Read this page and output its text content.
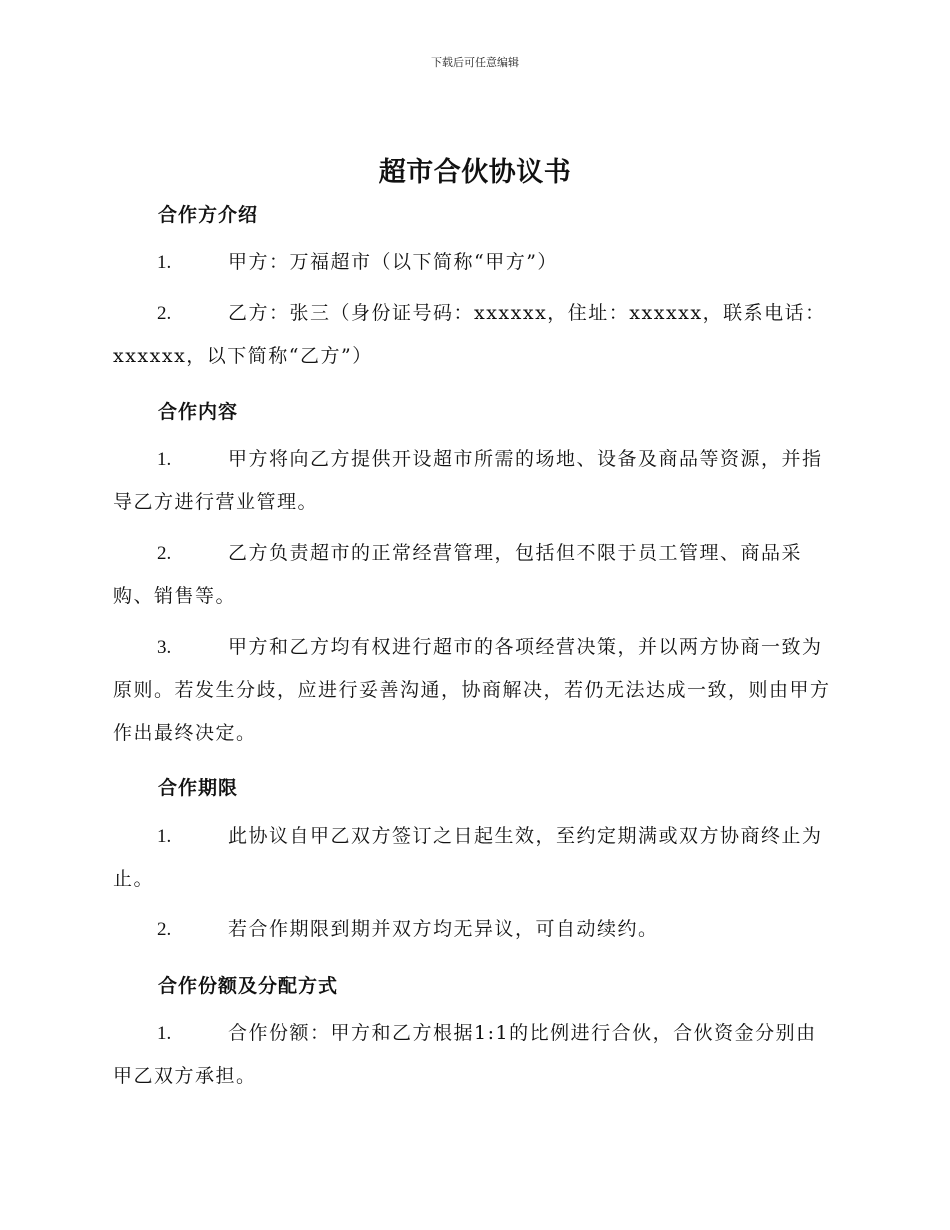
下载后可任意编辑
超市合伙协议书
合作方介绍
1.	甲方：万福超市（以下简称“甲方”）
2.	乙方：张三（身份证号码：xxxxxx，住址：xxxxxx，联系电话：xxxxxx，以下简称“乙方”）
合作内容
1.	甲方将向乙方提供开设超市所需的场地、设备及商品等资源，并指导乙方进行营业管理。
2.	乙方负责超市的正常经营管理，包括但不限于员工管理、商品采购、销售等。
3.	甲方和乙方均有权进行超市的各项经营决策，并以两方协商一致为原则。若发生分歧，应进行妥善沟通，协商解决，若仍无法达成一致，则由甲方作出最终决定。
合作期限
1.	此协议自甲乙双方签订之日起生效，至约定期满或双方协商终止为止。
2.	若合作期限到期并双方均无异议，可自动续约。
合作份额及分配方式
1.	合作份额：甲方和乙方根据1:1的比例进行合伙，合伙资金分别由甲乙双方承担。
